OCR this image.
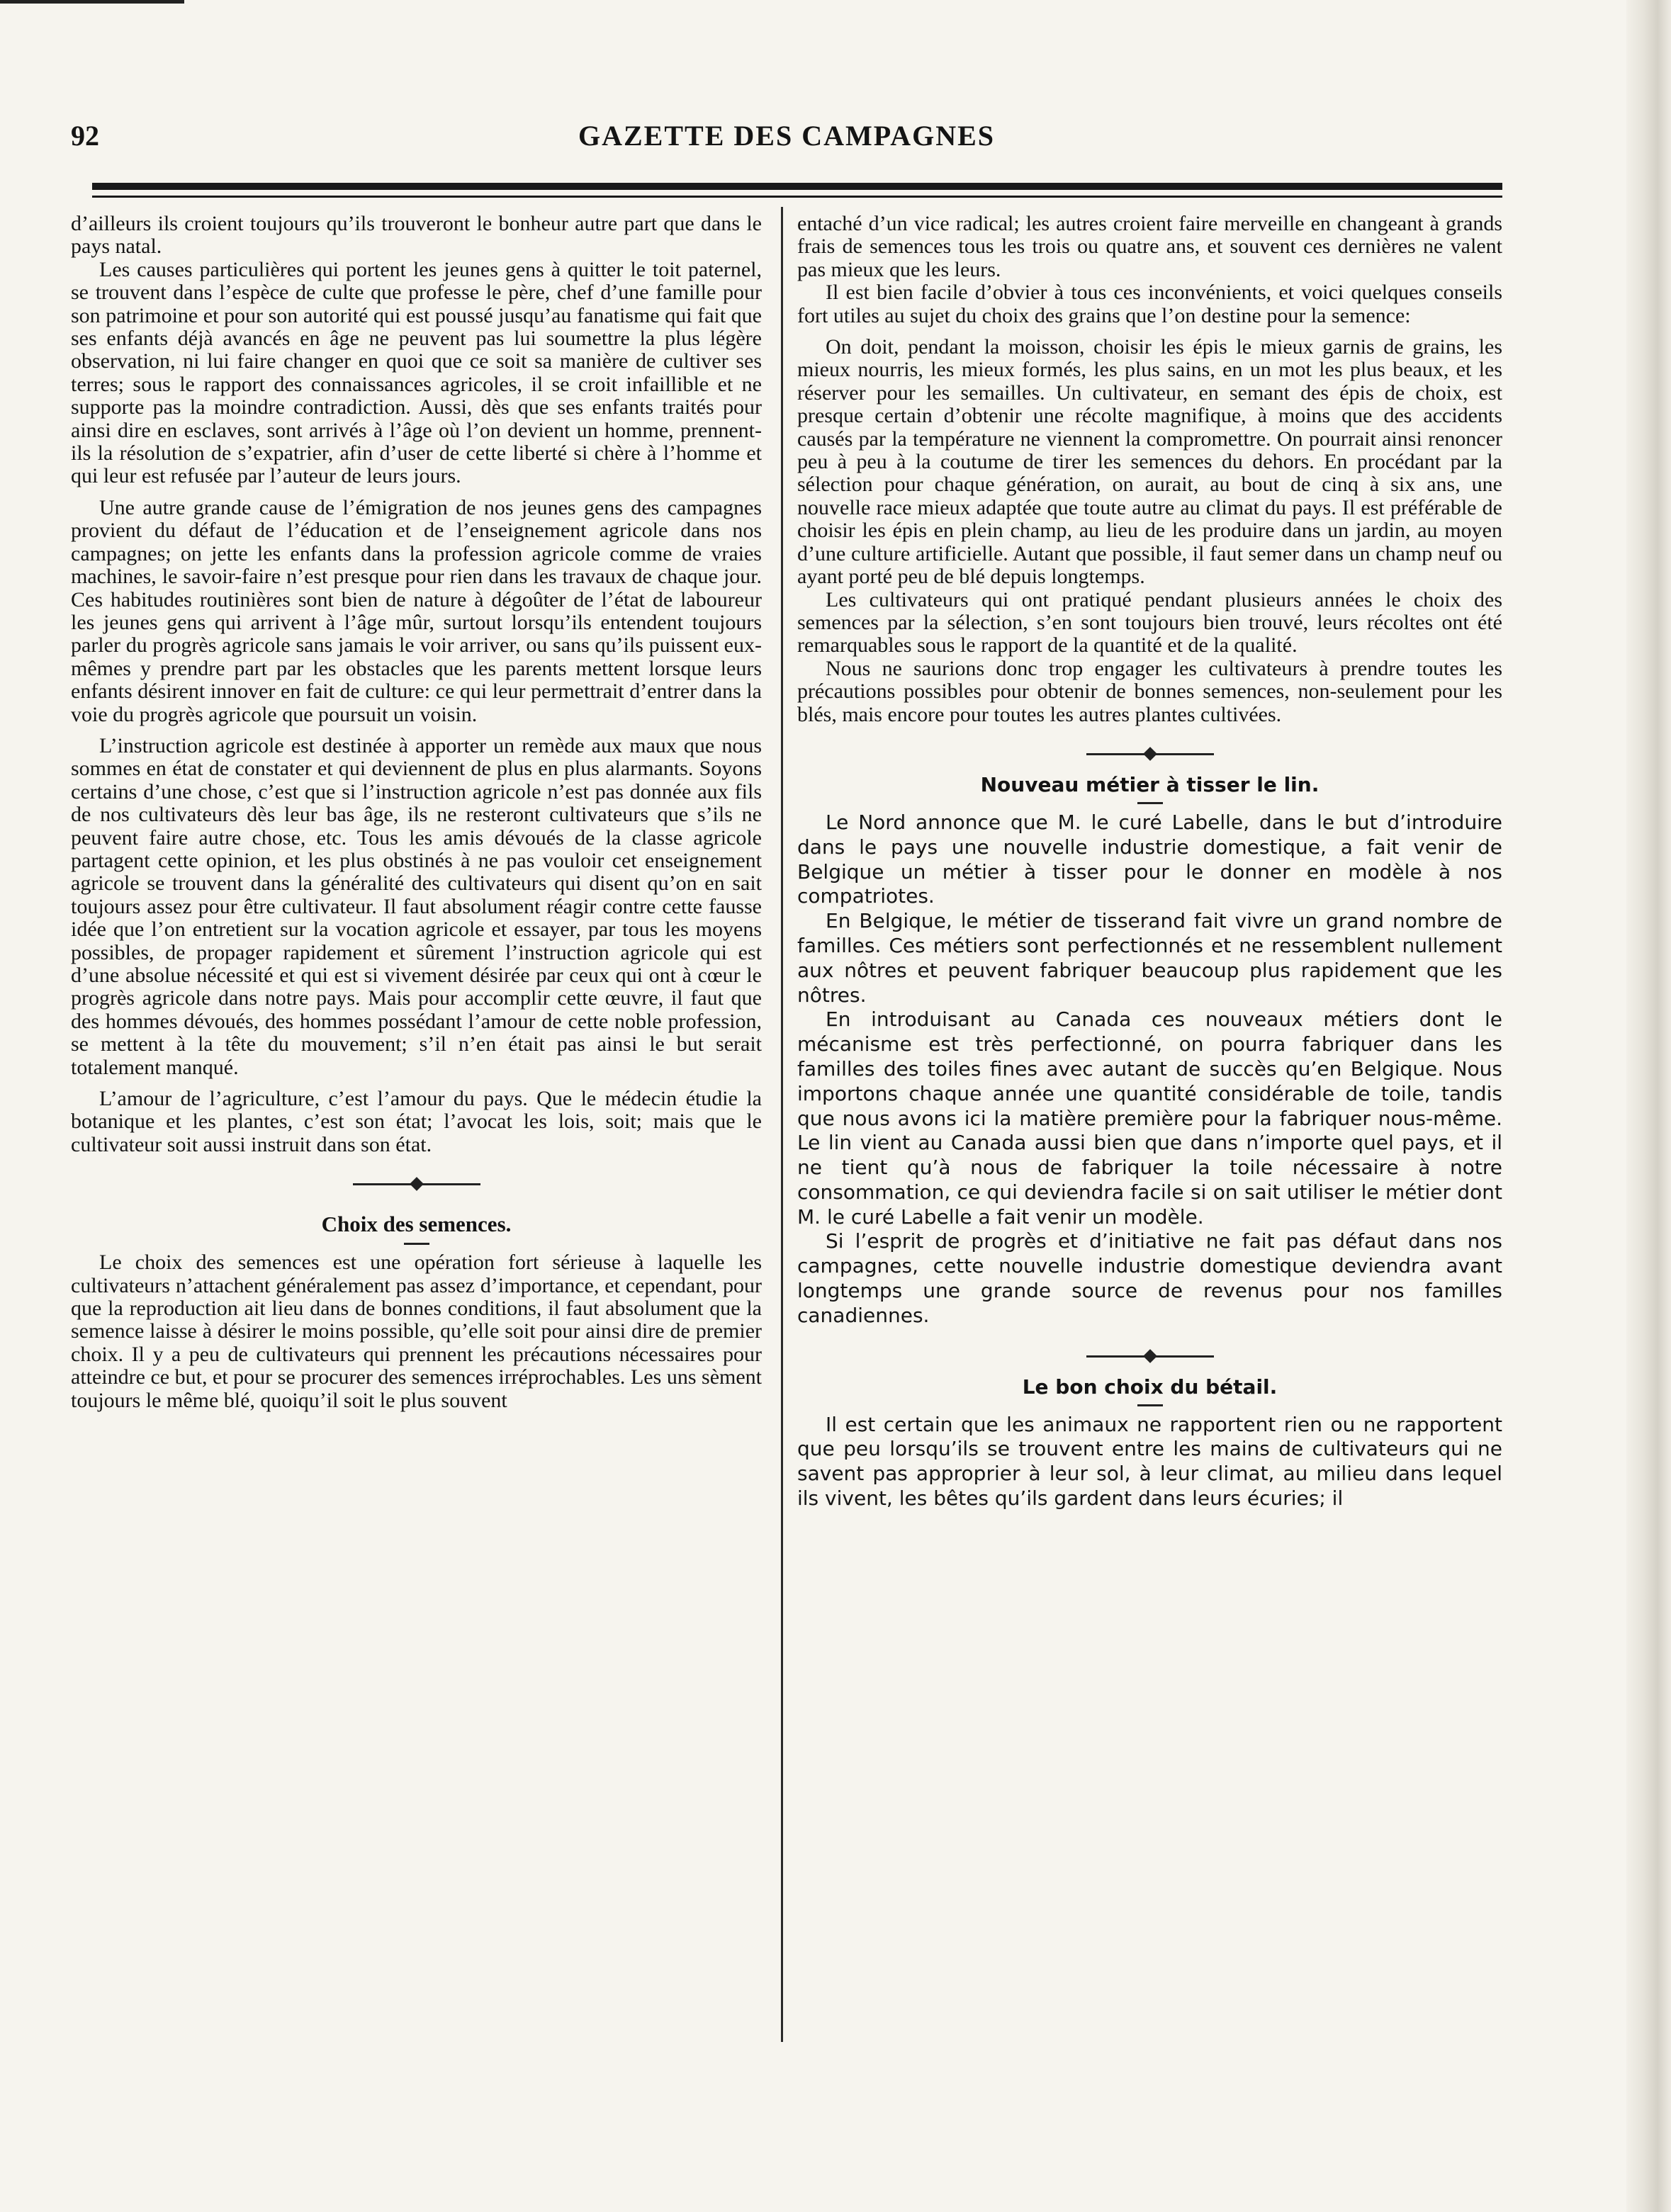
92	GAZETTE DES CAMPAGNES

d’ailleurs ils croient toujours qu’ils trouveront le bonheur autre part que dans le pays natal.

Les causes particulières qui portent les jeunes gens à quitter le toit paternel, se trouvent dans l’espèce de culte que professe le père, chef d’une famille pour son patrimoine et pour son autorité qui est poussé jusqu’au fanatisme qui fait que ses enfants déjà avancés en âge ne peuvent pas lui soumettre la plus légère observation, ni lui faire changer en quoi que ce soit sa manière de cultiver ses terres; sous le rapport des connaissances agricoles, il se croit infaillible et ne supporte pas la moindre contradiction. Aussi, dès que ses enfants traités pour ainsi dire en esclaves, sont arrivés à l’âge où l’on devient un homme, prennent-ils la résolution de s’expatrier, afin d’user de cette liberté si chère à l’homme et qui leur est refusée par l’auteur de leurs jours.

Une autre grande cause de l’émigration de nos jeunes gens des campagnes provient du défaut de l’éducation et de l’enseignement agricole dans nos campagnes; on jette les enfants dans la profession agricole comme de vraies machines, le savoir-faire n’est presque pour rien dans les travaux de chaque jour. Ces habitudes routinières sont bien de nature à dégoûter de l’état de laboureur les jeunes gens qui arrivent à l’âge mûr, surtout lorsqu’ils entendent toujours parler du progrès agricole sans jamais le voir arriver, ou sans qu’ils puissent eux-mêmes y prendre part par les obstacles que les parents mettent lorsque leurs enfants désirent innover en fait de culture: ce qui leur permettrait d’entrer dans la voie du progrès agricole que poursuit un voisin.

L’instruction agricole est destinée à apporter un remède aux maux que nous sommes en état de constater et qui deviennent de plus en plus alarmants. Soyons certains d’une chose, c’est que si l’instruction agricole n’est pas donnée aux fils de nos cultivateurs dès leur bas âge, ils ne resteront cultivateurs que s’ils ne peuvent faire autre chose, etc. Tous les amis dévoués de la classe agricole partagent cette opinion, et les plus obstinés à ne pas vouloir cet enseignement agricole se trouvent dans la généralité des cultivateurs qui disent qu’on en sait toujours assez pour être cultivateur. Il faut absolument réagir contre cette fausse idée que l’on entretient sur la vocation agricole et essayer, par tous les moyens possibles, de propager rapidement et sûrement l’instruction agricole qui est d’une absolue nécessité et qui est si vivement désirée par ceux qui ont à cœur le progrès agricole dans notre pays. Mais pour accomplir cette œuvre, il faut que des hommes dévoués, des hommes possédant l’amour de cette noble profession, se mettent à la tête du mouvement; s’il n’en était pas ainsi le but serait totalement manqué.

L’amour de l’agriculture, c’est l’amour du pays. Que le médecin étudie la botanique et les plantes, c’est son état; l’avocat les lois, soit; mais que le cultivateur soit aussi instruit dans son état.

Choix des semences.

Le choix des semences est une opération fort sérieuse à laquelle les cultivateurs n’attachent généralement pas assez d’importance, et cependant, pour que la reproduction ait lieu dans de bonnes conditions, il faut absolument que la semence laisse à désirer le moins possible, qu’elle soit pour ainsi dire de premier choix. Il y a peu de cultivateurs qui prennent les précautions nécessaires pour atteindre ce but, et pour se procurer des semences irréprochables. Les uns sèment toujours le même blé, quoiqu’il soit le plus souvent

entaché d’un vice radical; les autres croient faire merveille en changeant à grands frais de semences tous les trois ou quatre ans, et souvent ces dernières ne valent pas mieux que les leurs.

Il est bien facile d’obvier à tous ces inconvénients, et voici quelques conseils fort utiles au sujet du choix des grains que l’on destine pour la semence:

On doit, pendant la moisson, choisir les épis le mieux garnis de grains, les mieux nourris, les mieux formés, les plus sains, en un mot les plus beaux, et les réserver pour les semailles. Un cultivateur, en semant des épis de choix, est presque certain d’obtenir une récolte magnifique, à moins que des accidents causés par la température ne viennent la compromettre. On pourrait ainsi renoncer peu à peu à la coutume de tirer les semences du dehors. En procédant par la sélection pour chaque génération, on aurait, au bout de cinq à six ans, une nouvelle race mieux adaptée que toute autre au climat du pays. Il est préférable de choisir les épis en plein champ, au lieu de les produire dans un jardin, au moyen d’une culture artificielle. Autant que possible, il faut semer dans un champ neuf ou ayant porté peu de blé depuis longtemps.

Les cultivateurs qui ont pratiqué pendant plusieurs années le choix des semences par la sélection, s’en sont toujours bien trouvé, leurs récoltes ont été remarquables sous le rapport de la quantité et de la qualité.

Nous ne saurions donc trop engager les cultivateurs à prendre toutes les précautions possibles pour obtenir de bonnes semences, non-seulement pour les blés, mais encore pour toutes les autres plantes cultivées.

Nouveau métier à tisser le lin.

Le Nord annonce que M. le curé Labelle, dans le but d’introduire dans le pays une nouvelle industrie domestique, a fait venir de Belgique un métier à tisser pour le donner en modèle à nos compatriotes.

En Belgique, le métier de tisserand fait vivre un grand nombre de familles. Ces métiers sont perfectionnés et ne ressemblent nullement aux nôtres et peuvent fabriquer beaucoup plus rapidement que les nôtres.

En introduisant au Canada ces nouveaux métiers dont le mécanisme est très perfectionné, on pourra fabriquer dans les familles des toiles fines avec autant de succès qu’en Belgique. Nous importons chaque année une quantité considérable de toile, tandis que nous avons ici la matière première pour la fabriquer nous-même. Le lin vient au Canada aussi bien que dans n’importe quel pays, et il ne tient qu’à nous de fabriquer la toile nécessaire à notre consommation, ce qui deviendra facile si on sait utiliser le métier dont M. le curé Labelle a fait venir un modèle.

Si l’esprit de progrès et d’initiative ne fait pas défaut dans nos campagnes, cette nouvelle industrie domestique deviendra avant longtemps une grande source de revenus pour nos familles canadiennes.

Le bon choix du bétail.

Il est certain que les animaux ne rapportent rien ou ne rapportent que peu lorsqu’ils se trouvent entre les mains de cultivateurs qui ne savent pas approprier à leur sol, à leur climat, au milieu dans lequel ils vivent, les bêtes qu’ils gardent dans leurs écuries; il
